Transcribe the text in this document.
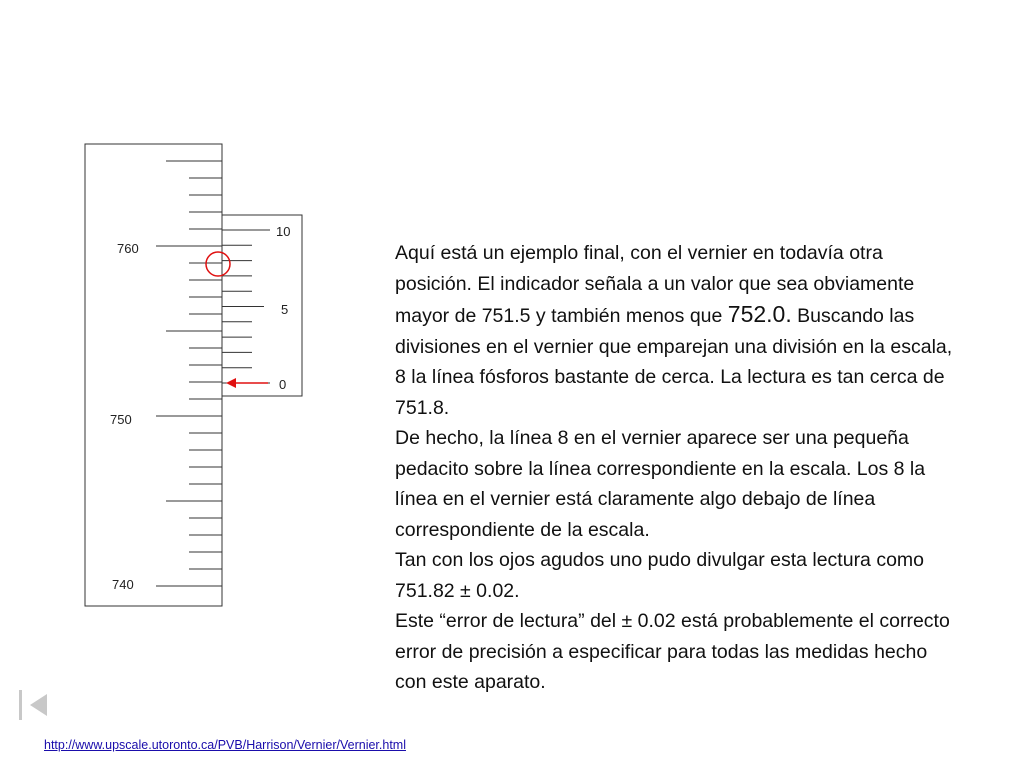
760
750
740
10
5
0

Aquí está un ejemplo final, con el vernier en todavía otra posición. El indicador señala a un valor que sea obviamente mayor de 751.5 y también menos que 752.0. Buscando las divisiones en el vernier que emparejan una división en la escala, 8 la línea fósforos bastante de cerca. La lectura es tan cerca de 751.8.

De hecho, la línea 8 en el vernier aparece ser una pequeña pedacito sobre la línea correspondiente en la escala. Los 8 la línea en el vernier está claramente algo debajo de línea correspondiente de la escala.

Tan con los ojos agudos uno pudo divulgar esta lectura como 751.82 ± 0.02.

Este “error de lectura” del ± 0.02 está probablemente el correcto error de precisión a especificar para todas las medidas hecho con este aparato.

http://www.upscale.utoronto.ca/PVB/Harrison/Vernier/Vernier.html
